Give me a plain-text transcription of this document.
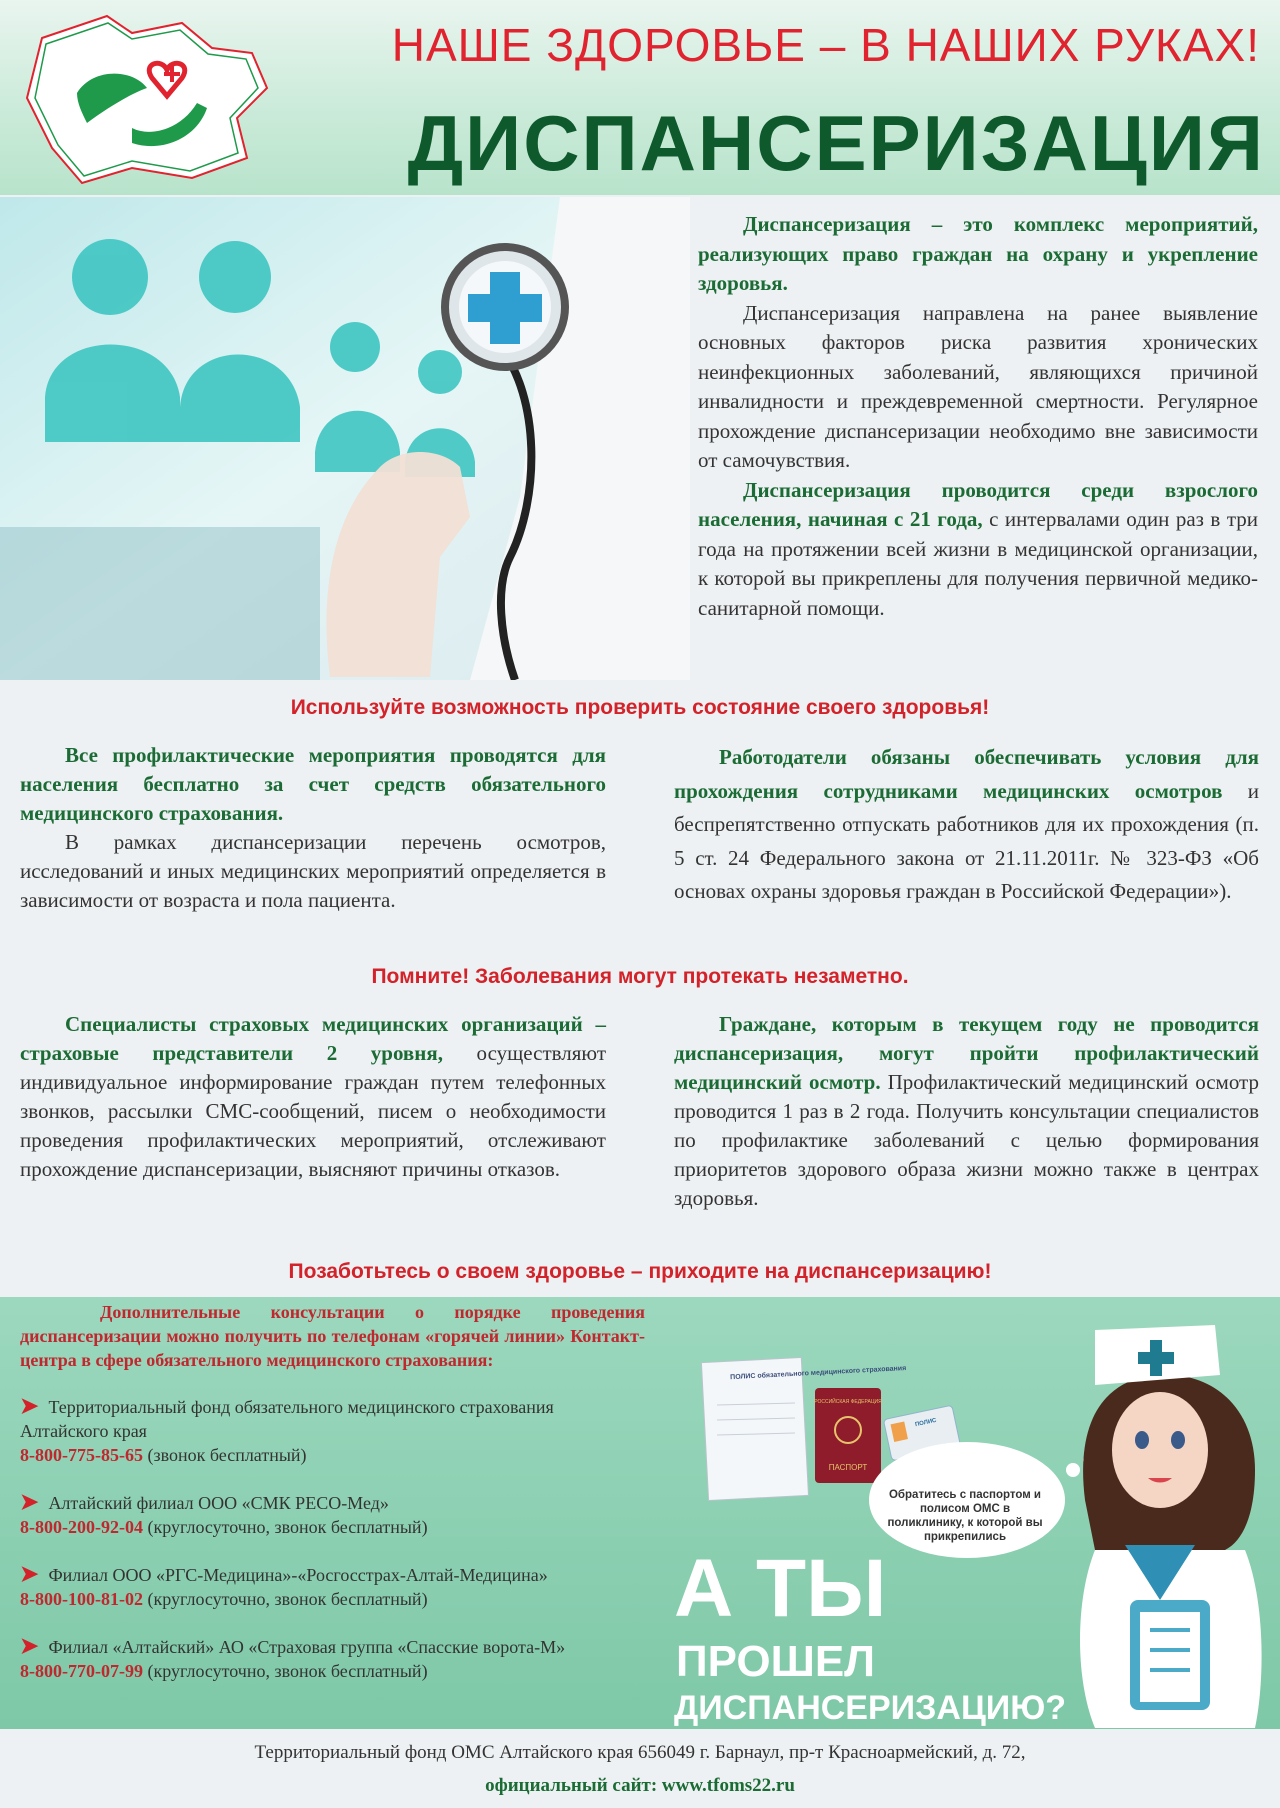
НАШЕ ЗДОРОВЬЕ – В НАШИХ РУКАХ!
ДИСПАНСЕРИЗАЦИЯ

Диспансеризация – это комплекс мероприятий, реализующих право граждан на охрану и укрепление здоровья.

Диспансеризация направлена на ранее выявление основных факторов риска развития хронических неинфекционных заболеваний, являющихся причиной инвалидности и преждевременной смертности. Регулярное прохождение диспансеризации необходимо вне зависимости от самочувствия.

Диспансеризация проводится среди взрослого населения, начиная с 21 года, с интервалами один раз в три года на протяжении всей жизни в медицинской организации, к которой вы прикреплены для получения первичной медико-санитарной помощи.

Используйте возможность проверить состояние своего здоровья!

Все профилактические мероприятия проводятся для населения бесплатно за счет средств обязательного медицинского страхования.

В рамках диспансеризации перечень осмотров, исследований и иных медицинских мероприятий определяется в зависимости от возраста и пола пациента.

Работодатели обязаны обеспечивать условия для прохождения сотрудниками медицинских осмотров и беспрепятственно отпускать работников для их прохождения (п. 5 ст. 24 Федерального закона от 21.11.2011г. № 323-ФЗ «Об основах охраны здоровья граждан в Российской Федерации»).

Помните! Заболевания могут протекать незаметно.

Специалисты страховых медицинских организаций – страховые представители 2 уровня, осуществляют индивидуальное информирование граждан путем телефонных звонков, рассылки СМС-сообщений, писем о необходимости проведения профилактических мероприятий, отслеживают прохождение диспансеризации, выясняют причины отказов.

Граждане, которым в текущем году не проводится диспансеризация, могут пройти профилактический медицинский осмотр. Профилактический медицинский осмотр проводится 1 раз в 2 года. Получить консультации специалистов по профилактике заболеваний с целью формирования приоритетов здорового образа жизни можно также в центрах здоровья.

Позаботьтесь о своем здоровье – приходите на диспансеризацию!

Дополнительные консультации о порядке проведения диспансеризации можно получить по телефонам «горячей линии» Контакт-центра в сфере обязательного медицинского страхования:

➤ Территориальный фонд обязательного медицинского страхования Алтайского края
8-800-775-85-65 (звонок бесплатный)
➤ Алтайский филиал ООО «СМК РЕСО-Мед»
8-800-200-92-04 (круглосуточно, звонок бесплатный)
➤ Филиал ООО «РГС-Медицина»-«Росгосстрах-Алтай-Медицина»
8-800-100-81-02 (круглосуточно, звонок бесплатный)
➤ Филиал «Алтайский» АО «Страховая группа «Спасские ворота-М»
8-800-770-07-99 (круглосуточно, звонок бесплатный)
ПОЛИС обязательного медицинского страхования
РОССИЙСКАЯ ФЕДЕРАЦИЯ
ПАСПОРТ
ПОЛИС
Обратитесь с паспортом и полисом ОМС в поликлинику, к которой вы прикрепились
А ТЫ
ПРОШЕЛ
ДИСПАНСЕРИЗАЦИЮ?
Территориальный фонд ОМС Алтайского края 656049 г. Барнаул, пр-т Красноармейский, д. 72,
официальный сайт: www.tfoms22.ru
